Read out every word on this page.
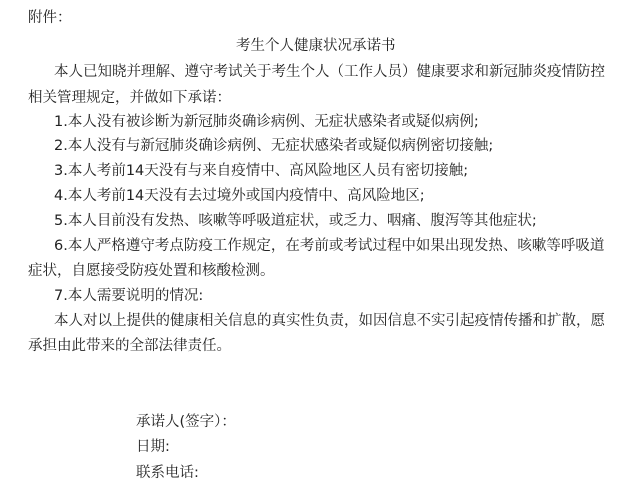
附件：
考生个人健康状况承诺书
本人已知晓并理解、遵守考试关于考生个人（工作人员）健康要求和新冠肺炎疫情防控
相关管理规定，并做如下承诺：
1.本人没有被诊断为新冠肺炎确诊病例、无症状感染者或疑似病例;
2.本人没有与新冠肺炎确诊病例、无症状感染者或疑似病例密切接触;
3.本人考前14天没有与来自疫情中、高风险地区人员有密切接触;
4.本人考前14天没有去过境外或国内疫情中、高风险地区;
5.本人目前没有发热、咳嗽等呼吸道症状，或乏力、咽痛、腹泻等其他症状;
6.本人严格遵守考点防疫工作规定，在考前或考试过程中如果出现发热、咳嗽等呼吸道
症状，自愿接受防疫处置和核酸检测。
7.本人需要说明的情况:
本人对以上提供的健康相关信息的真实性负责，如因信息不实引起疫情传播和扩散，愿
承担由此带来的全部法律责任。
承诺人(签字）：
日期:
联系电话:
